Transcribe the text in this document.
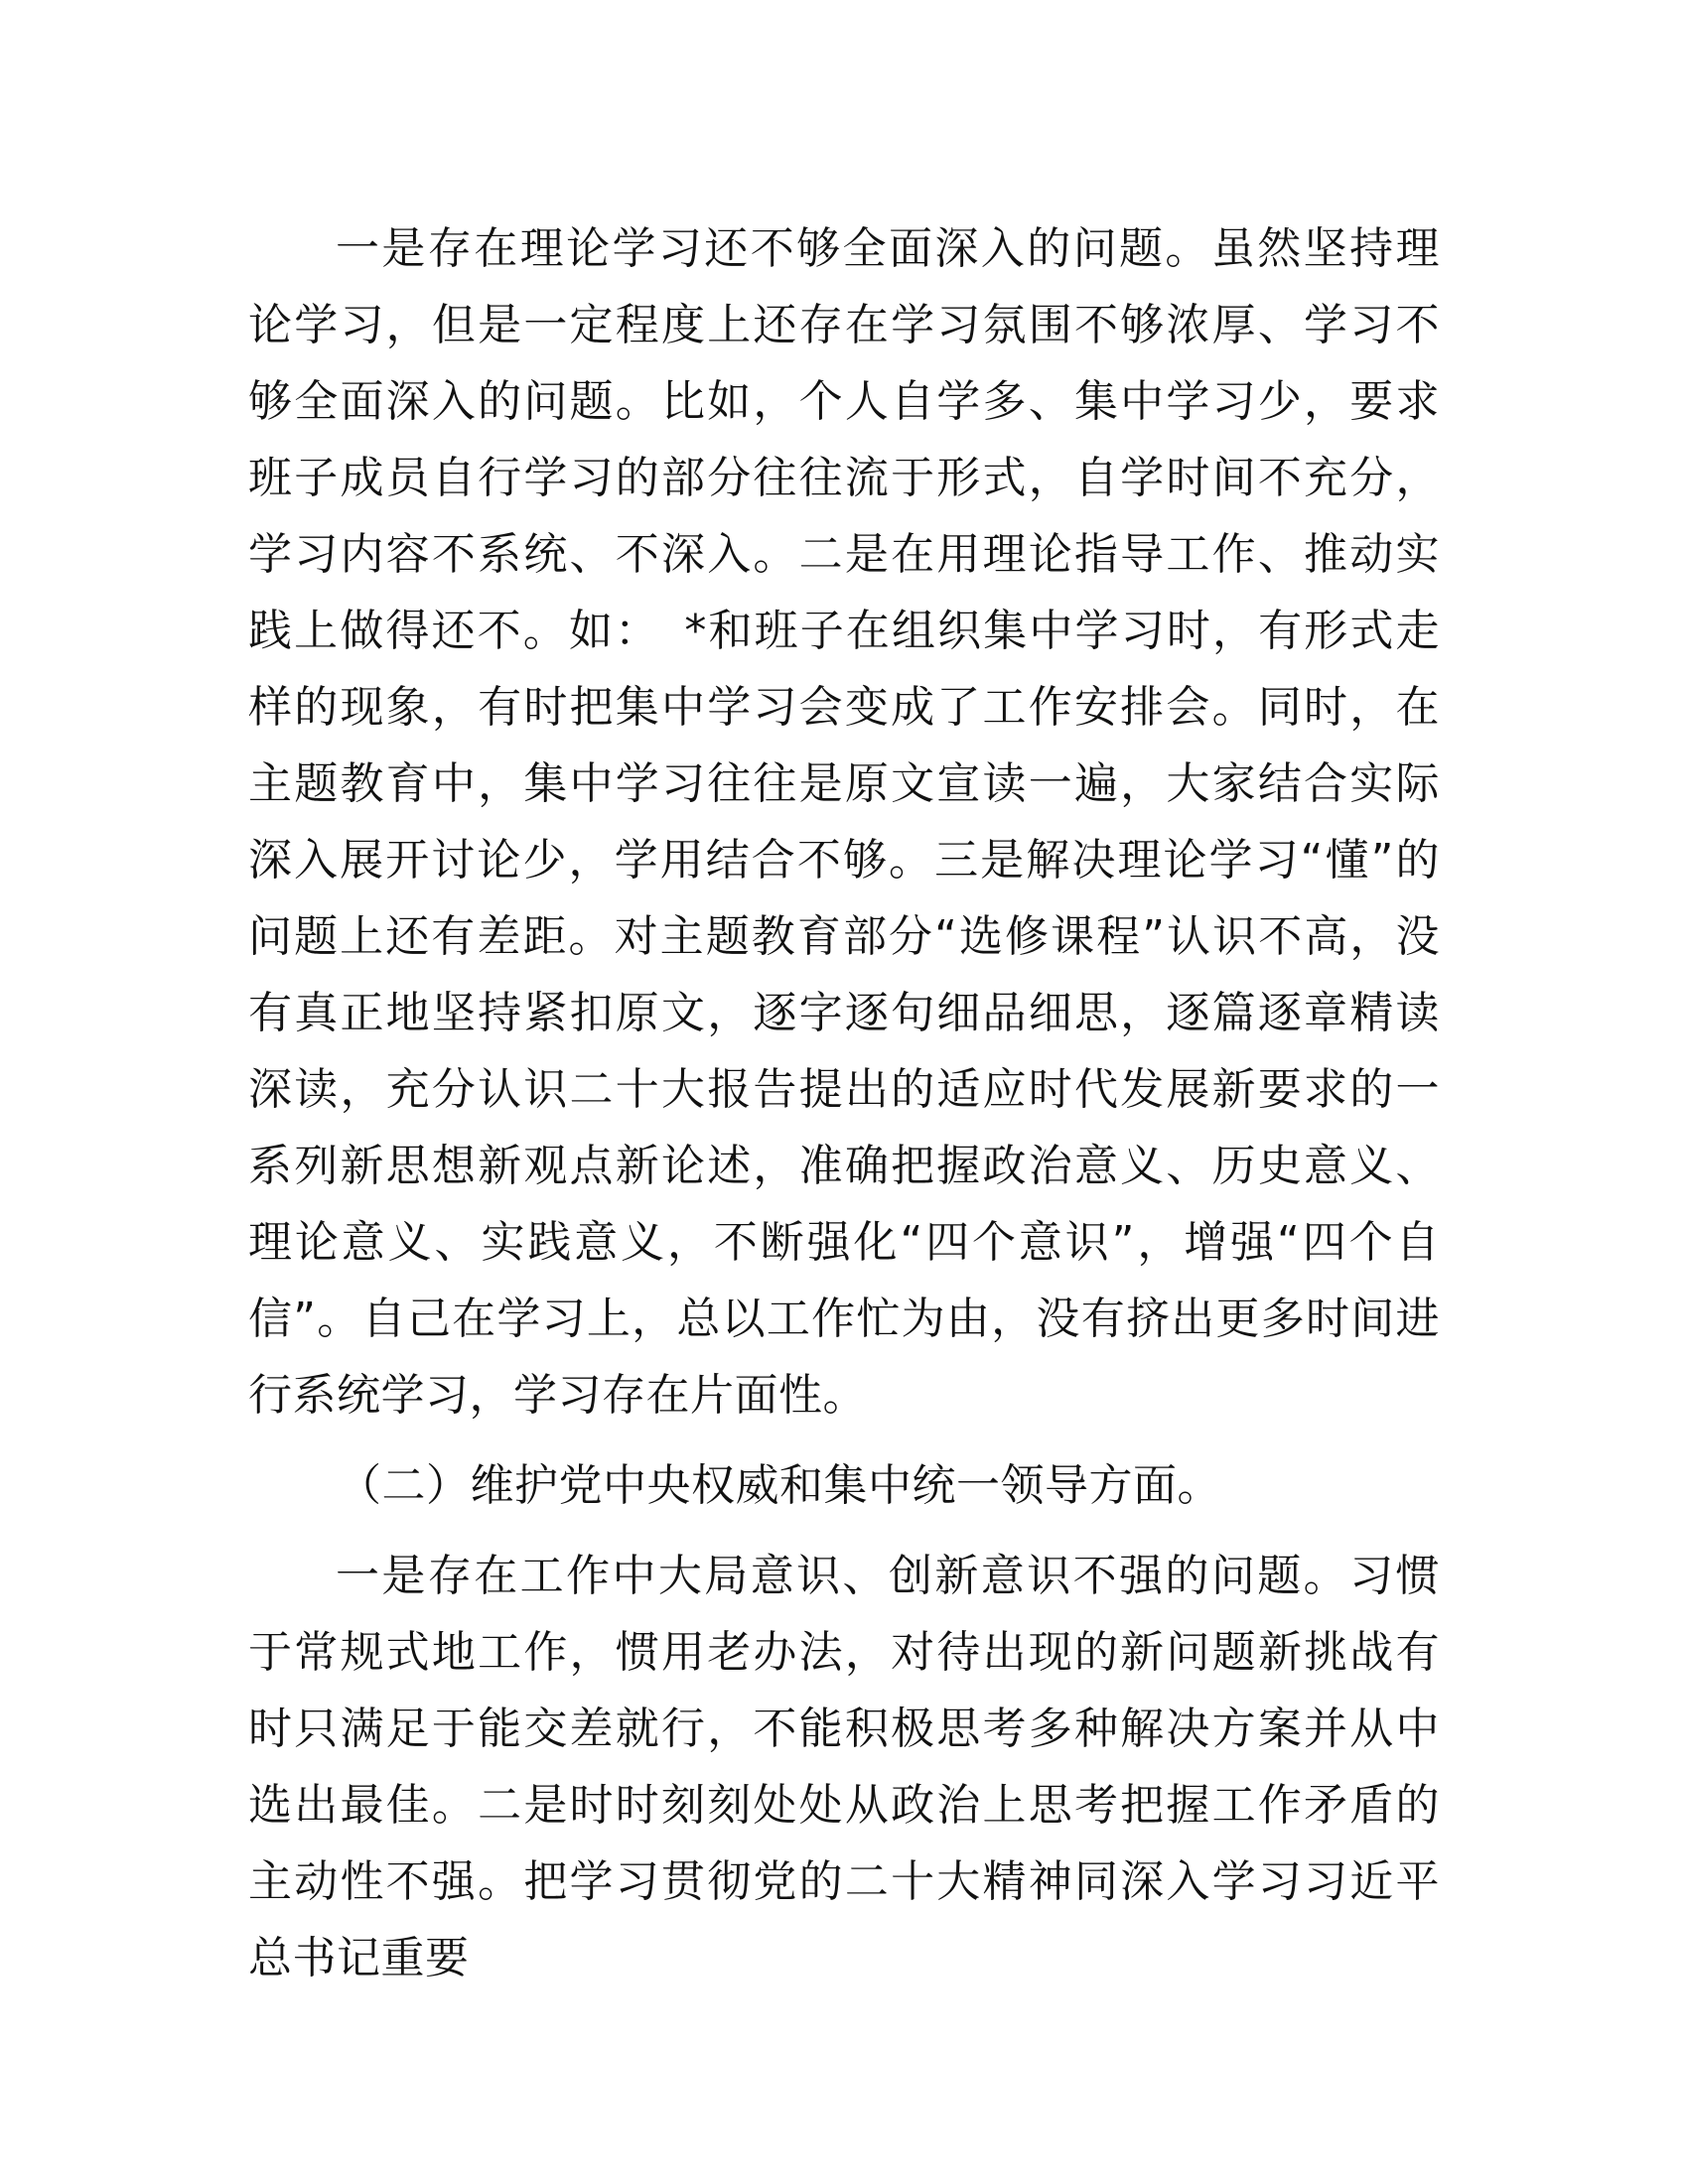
一是存在理论学习还不够全面深入的问题。虽然坚持理论学习，但是一定程度上还存在学习氛围不够浓厚、学习不够全面深入的问题。比如，个人自学多、集中学习少，要求班子成员自行学习的部分往往流于形式，自学时间不充分，学习内容不系统、不深入。二是在用理论指导工作、推动实践上做得还不。如：　*和班子在组织集中学习时，有形式走样的现象，有时把集中学习会变成了工作安排会。同时，在主题教育中，集中学习往往是原文宣读一遍，大家结合实际深入展开讨论少，学用结合不够。三是解决理论学习“懂”的问题上还有差距。对主题教育部分“选修课程”认识不高，没有真正地坚持紧扣原文，逐字逐句细品细思，逐篇逐章精读深读，充分认识二十大报告提出的适应时代发展新要求的一系列新思想新观点新论述，准确把握政治意义、历史意义、理论意义、实践意义，不断强化“四个意识”，增强“四个自信”。自己在学习上，总以工作忙为由，没有挤出更多时间进行系统学习，学习存在片面性。

（二）维护党中央权威和集中统一领导方面。

一是存在工作中大局意识、创新意识不强的问题。习惯于常规式地工作，惯用老办法，对待出现的新问题新挑战有时只满足于能交差就行，不能积极思考多种解决方案并从中选出最佳。二是时时刻刻处处从政治上思考把握工作矛盾的主动性不强。把学习贯彻党的二十大精神同深入学习习近平总书记重要
